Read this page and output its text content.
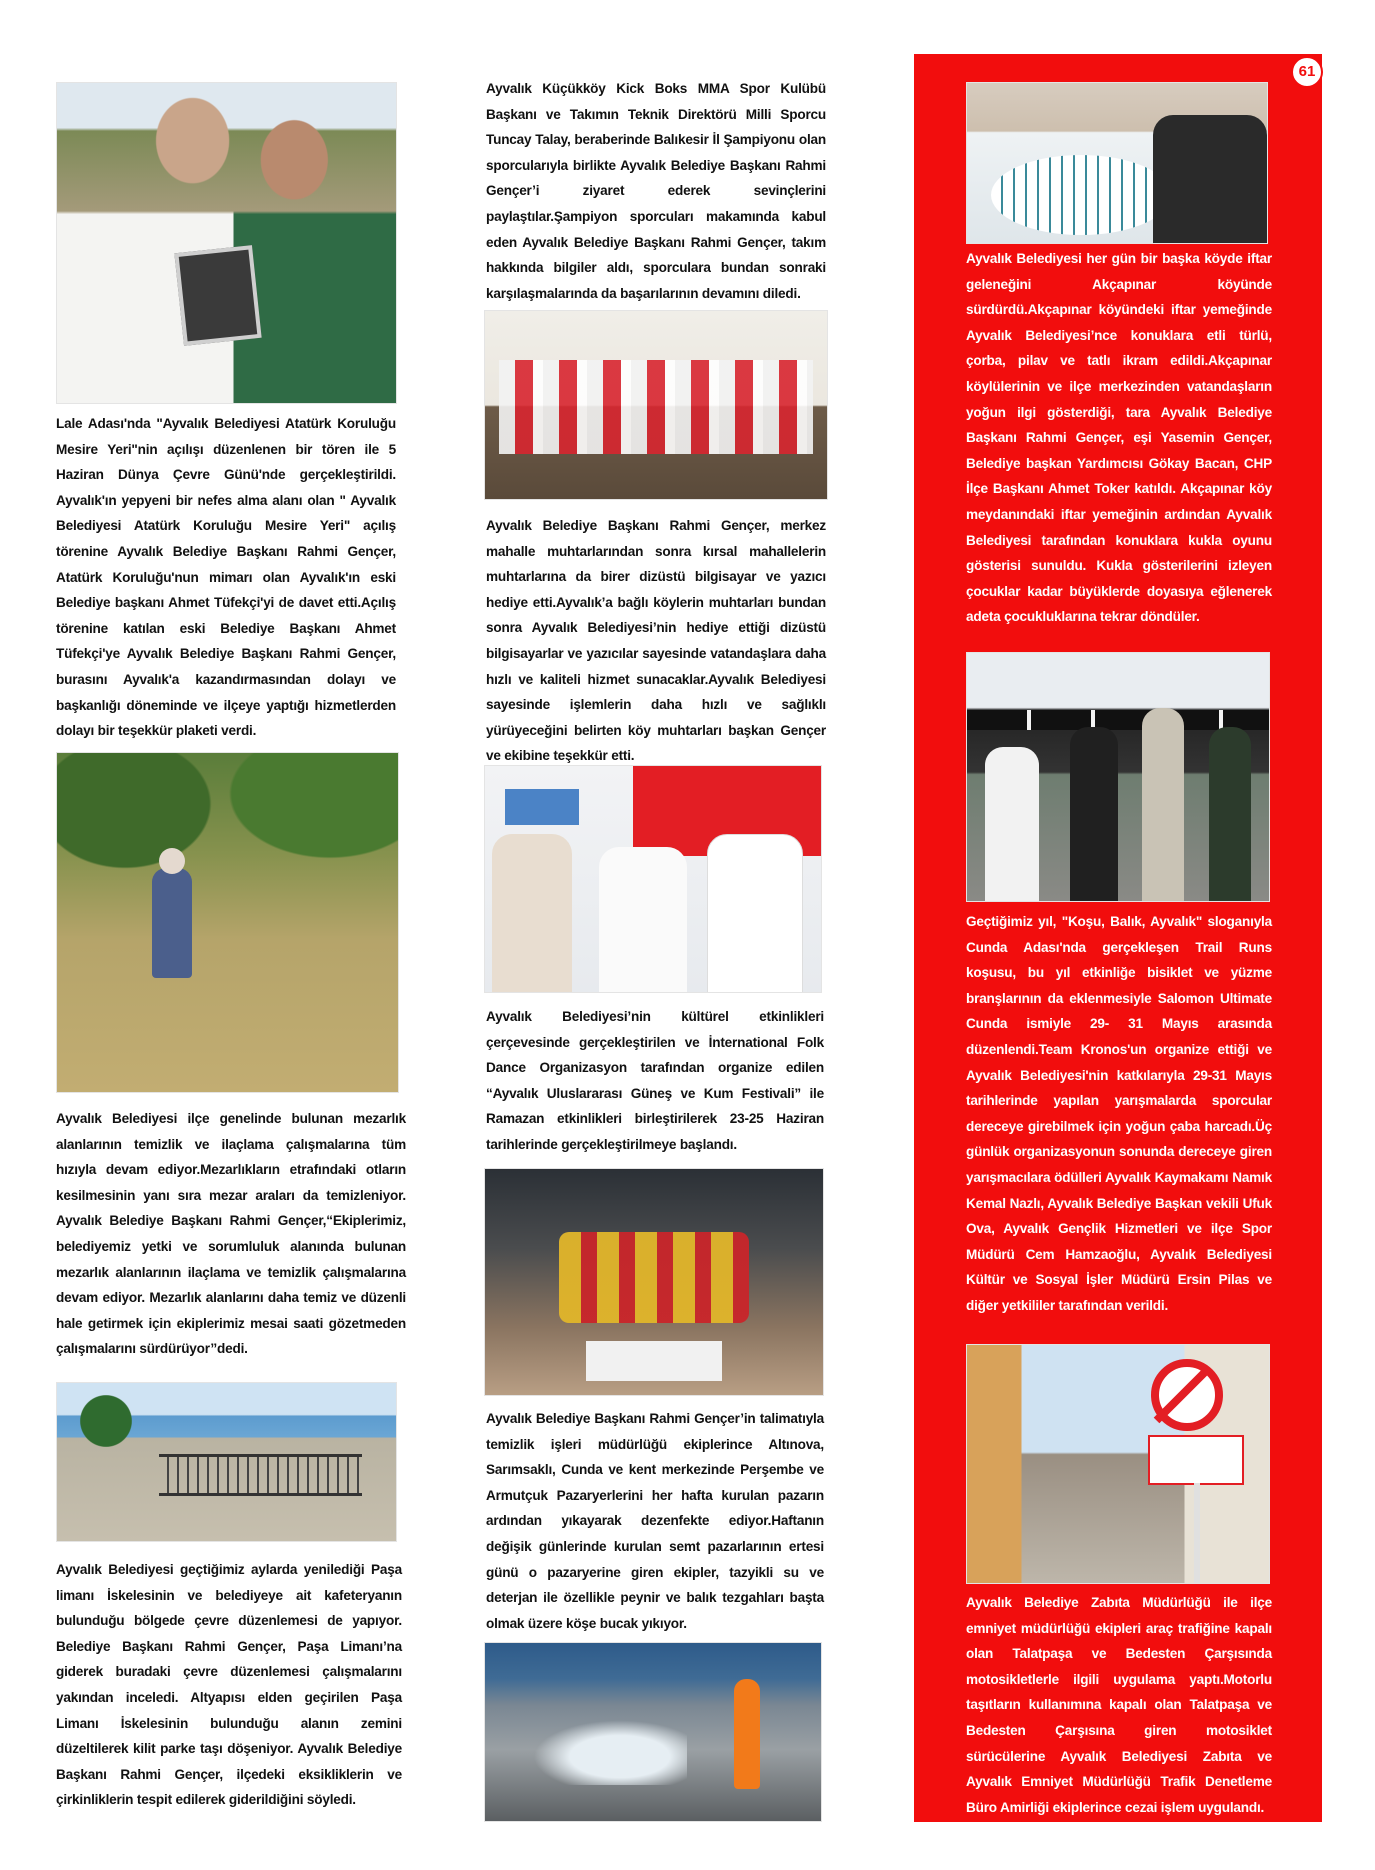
61

Lale Adası'nda "Ayvalık Belediyesi Atatürk Koruluğu Mesire Yeri"nin açılışı düzenlenen bir tören ile 5 Haziran Dünya Çevre Günü'nde gerçekleştirildi. Ayvalık'ın yepyeni bir nefes alma alanı olan " Ayvalık Belediyesi Atatürk Koruluğu Mesire Yeri" açılış törenine Ayvalık Belediye Başkanı Rahmi Gençer, Atatürk Koruluğu'nun mimarı olan Ayvalık'ın eski Belediye başkanı Ahmet Tüfekçi'yi de davet etti.Açılış törenine katılan eski Belediye Başkanı Ahmet Tüfekçi'ye Ayvalık Belediye Başkanı Rahmi Gençer, burasını Ayvalık'a kazandırmasından dolayı ve başkanlığı döneminde ve ilçeye yaptığı hizmetlerden dolayı bir teşekkür plaketi verdi.

Ayvalık Belediyesi ilçe genelinde bulunan mezarlık alanlarının temizlik ve ilaçlama çalışmalarına tüm hızıyla devam ediyor.Mezarlıkların etrafındaki otların kesilmesinin yanı sıra mezar araları da temizleniyor. Ayvalık Belediye Başkanı Rahmi Gençer,“Ekiplerimiz, belediyemiz yetki ve sorumluluk alanında bulunan mezarlık alanlarının ilaçlama ve temizlik çalışmalarına devam ediyor. Mezarlık alanlarını daha temiz ve düzenli hale getirmek için ekiplerimiz mesai saati gözetmeden çalışmalarını sürdürüyor’’dedi.

Ayvalık Belediyesi geçtiğimiz aylarda yenilediği Paşa limanı İskelesinin ve belediyeye ait kafeteryanın bulunduğu bölgede çevre düzenlemesi de yapıyor. Belediye Başkanı Rahmi Gençer, Paşa Limanı’na giderek buradaki çevre düzenlemesi çalışmalarını yakından inceledi. Altyapısı elden geçirilen Paşa Limanı İskelesinin bulunduğu alanın zemini düzeltilerek kilit parke taşı döşeniyor. Ayvalık Belediye Başkanı Rahmi Gençer, ilçedeki eksikliklerin ve çirkinliklerin tespit edilerek giderildiğini söyledi.

Ayvalık Küçükköy Kick Boks MMA Spor Kulübü Başkanı ve Takımın Teknik Direktörü Milli Sporcu Tuncay Talay, beraberinde Balıkesir İl Şampiyonu olan sporcularıyla birlikte Ayvalık Belediye Başkanı Rahmi Gençer’i ziyaret ederek sevinçlerini paylaştılar.Şampiyon sporcuları makamında kabul eden Ayvalık Belediye Başkanı Rahmi Gençer, takım hakkında bilgiler aldı, sporculara bundan sonraki karşılaşmalarında da başarılarının devamını diledi.

Ayvalık Belediye Başkanı Rahmi Gençer, merkez mahalle muhtarlarından sonra kırsal mahallelerin muhtarlarına da birer dizüstü bilgisayar ve yazıcı hediye etti.Ayvalık’a bağlı köylerin muhtarları bundan sonra Ayvalık Belediyesi’nin hediye ettiği dizüstü bilgisayarlar ve yazıcılar sayesinde vatandaşlara daha hızlı ve kaliteli hizmet sunacaklar.Ayvalık Belediyesi sayesinde işlemlerin daha hızlı ve sağlıklı yürüyeceğini belirten köy muhtarları başkan Gençer ve ekibine teşekkür etti.

Ayvalık Belediyesi’nin kültürel etkinlikleri çerçevesinde gerçekleştirilen ve İnternational Folk Dance Organizasyon tarafından organize edilen “Ayvalık Uluslararası Güneş ve Kum Festivali” ile Ramazan etkinlikleri birleştirilerek 23-25 Haziran tarihlerinde gerçekleştirilmeye başlandı.

Ayvalık Belediye Başkanı Rahmi Gençer’in talimatıyla temizlik işleri müdürlüğü ekiplerince Altınova, Sarımsaklı, Cunda ve kent merkezinde Perşembe ve Armutçuk Pazaryerlerini her hafta kurulan pazarın ardından yıkayarak dezenfekte ediyor.Haftanın değişik günlerinde kurulan semt pazarlarının ertesi günü o pazaryerine giren ekipler, tazyikli su ve deterjan ile özellikle peynir ve balık tezgahları başta olmak üzere köşe bucak yıkıyor.

Ayvalık Belediyesi her gün bir başka köyde iftar geleneğini Akçapınar köyünde sürdürdü.Akçapınar köyündeki iftar yemeğinde Ayvalık Belediyesi’nce konuklara etli türlü, çorba, pilav ve tatlı ikram edildi.Akçapınar köylülerinin ve ilçe merkezinden vatandaşların yoğun ilgi gösterdiği, tara Ayvalık Belediye Başkanı Rahmi Gençer, eşi Yasemin Gençer, Belediye başkan Yardımcısı Gökay Bacan, CHP İlçe Başkanı Ahmet Toker katıldı. Akçapınar köy meydanındaki iftar yemeğinin ardından Ayvalık Belediyesi tarafından konuklara kukla oyunu gösterisi sunuldu. Kukla gösterilerini izleyen çocuklar kadar büyüklerde doyasıya eğlenerek adeta çocukluklarına tekrar döndüler.

Geçtiğimiz yıl, "Koşu, Balık, Ayvalık" sloganıyla Cunda Adası'nda gerçekleşen Trail Runs koşusu, bu yıl etkinliğe bisiklet ve yüzme branşlarının da eklenmesiyle Salomon Ultimate Cunda ismiyle 29- 31 Mayıs arasında düzenlendi.Team Kronos'un organize ettiği ve Ayvalık Belediyesi'nin katkılarıyla 29-31 Mayıs tarihlerinde yapılan yarışmalarda sporcular dereceye girebilmek için yoğun çaba harcadı.Üç günlük organizasyonun sonunda dereceye giren yarışmacılara ödülleri Ayvalık Kaymakamı Namık Kemal Nazlı, Ayvalık Belediye Başkan vekili Ufuk Ova, Ayvalık Gençlik Hizmetleri ve ilçe Spor Müdürü Cem Hamzaoğlu, Ayvalık Belediyesi Kültür ve Sosyal İşler Müdürü Ersin Pilas ve diğer yetkililer tarafından verildi.

Ayvalık Belediye Zabıta Müdürlüğü ile ilçe emniyet müdürlüğü ekipleri araç trafiğine kapalı olan Talatpaşa ve Bedesten Çarşısında motosikletlerle ilgili uygulama yaptı.Motorlu taşıtların kullanımına kapalı olan Talatpaşa ve Bedesten Çarşısına giren motosiklet sürücülerine Ayvalık Belediyesi Zabıta ve Ayvalık Emniyet Müdürlüğü Trafik Denetleme Büro Amirliği ekiplerince cezai işlem uygulandı.
